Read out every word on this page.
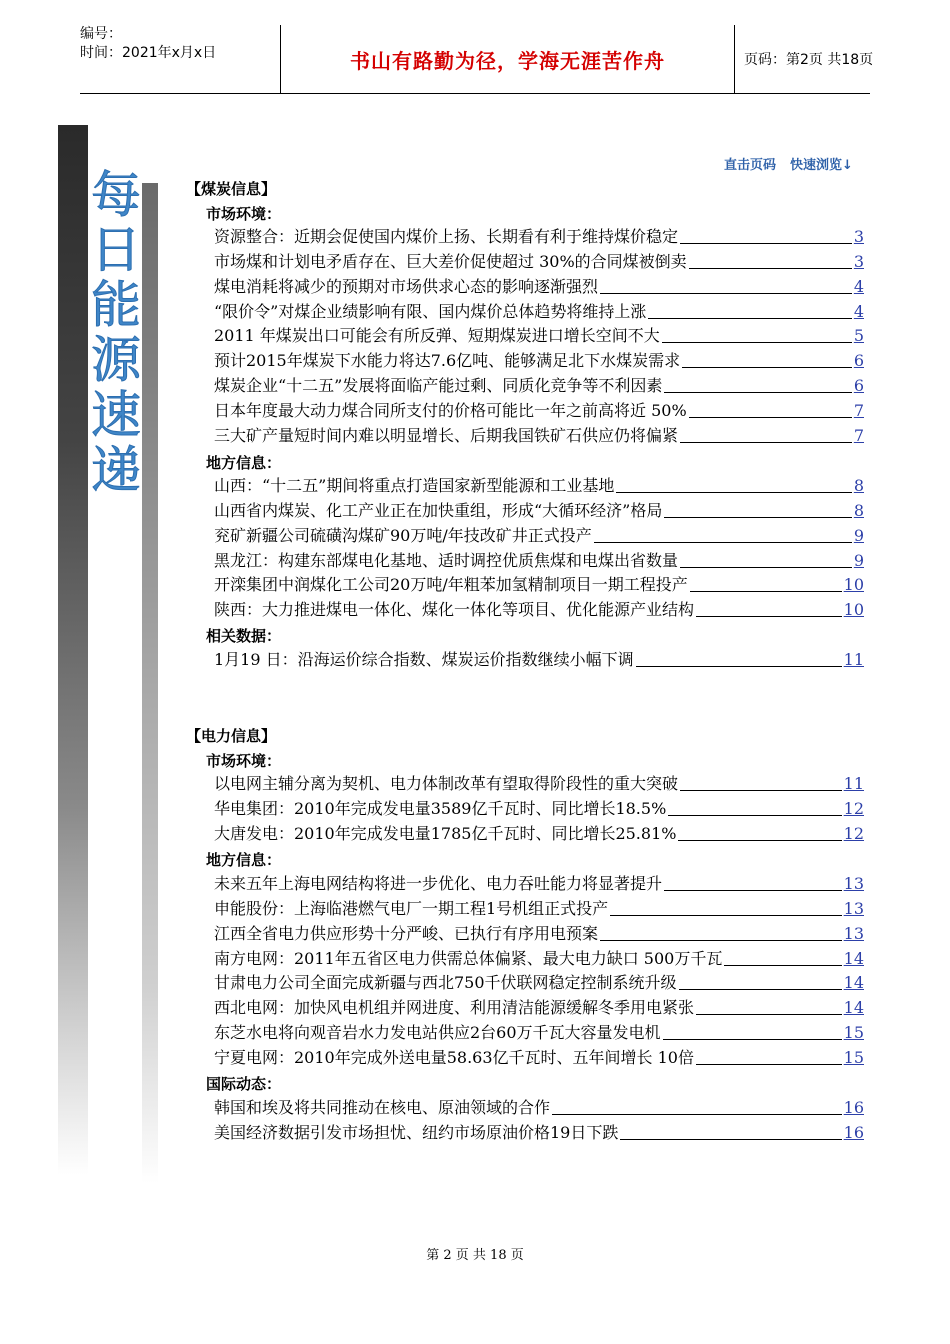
编号：
时间：2021年x月x日	书山有路勤为径，学海无涯苦作舟	页码：第2页 共18页
每
日
能
源
速
递
直击页码 快速浏览↓
【煤炭信息】
市场环境：
资源整合：近期会促使国内煤价上扬、长期看有利于维持煤价稳定	3
市场煤和计划电矛盾存在、巨大差价促使超过 30%的合同煤被倒卖	3
煤电消耗将减少的预期对市场供求心态的影响逐渐强烈	4
“限价令”对煤企业绩影响有限、国内煤价总体趋势将维持上涨	4
2011 年煤炭出口可能会有所反弹、短期煤炭进口增长空间不大	5
预计2015年煤炭下水能力将达7.6亿吨、能够满足北下水煤炭需求	6
煤炭企业“十二五”发展将面临产能过剩、同质化竞争等不利因素	6
日本年度最大动力煤合同所支付的价格可能比一年之前高将近 50%	7
三大矿产量短时间内难以明显增长、后期我国铁矿石供应仍将偏紧	7
地方信息：
山西：“十二五”期间将重点打造国家新型能源和工业基地	8
山西省内煤炭、化工产业正在加快重组，形成“大循环经济”格局	8
兖矿新疆公司硫磺沟煤矿90万吨/年技改矿井正式投产	9
黑龙江：构建东部煤电化基地、适时调控优质焦煤和电煤出省数量	9
开滦集团中润煤化工公司20万吨/年粗苯加氢精制项目一期工程投产	10
陕西：大力推进煤电一体化、煤化一体化等项目、优化能源产业结构	10
相关数据：
1月19 日：沿海运价综合指数、煤炭运价指数继续小幅下调	11
【电力信息】
市场环境：
以电网主辅分离为契机、电力体制改革有望取得阶段性的重大突破	11
华电集团：2010年完成发电量3589亿千瓦时、同比增长18.5%	12
大唐发电：2010年完成发电量1785亿千瓦时、同比增长25.81%	12
地方信息：
未来五年上海电网结构将进一步优化、电力吞吐能力将显著提升	13
申能股份：上海临港燃气电厂一期工程1号机组正式投产	13
江西全省电力供应形势十分严峻、已执行有序用电预案	13
南方电网：2011年五省区电力供需总体偏紧、最大电力缺口 500万千瓦	14
甘肃电力公司全面完成新疆与西北750千伏联网稳定控制系统升级	14
西北电网：加快风电机组并网进度、利用清洁能源缓解冬季用电紧张	14
东芝水电将向观音岩水力发电站供应2台60万千瓦大容量发电机	15
宁夏电网：2010年完成外送电量58.63亿千瓦时、五年间增长 10倍	15
国际动态：
韩国和埃及将共同推动在核电、原油领域的合作	16
美国经济数据引发市场担忧、纽约市场原油价格19日下跌	16
第 2 页 共 18 页
